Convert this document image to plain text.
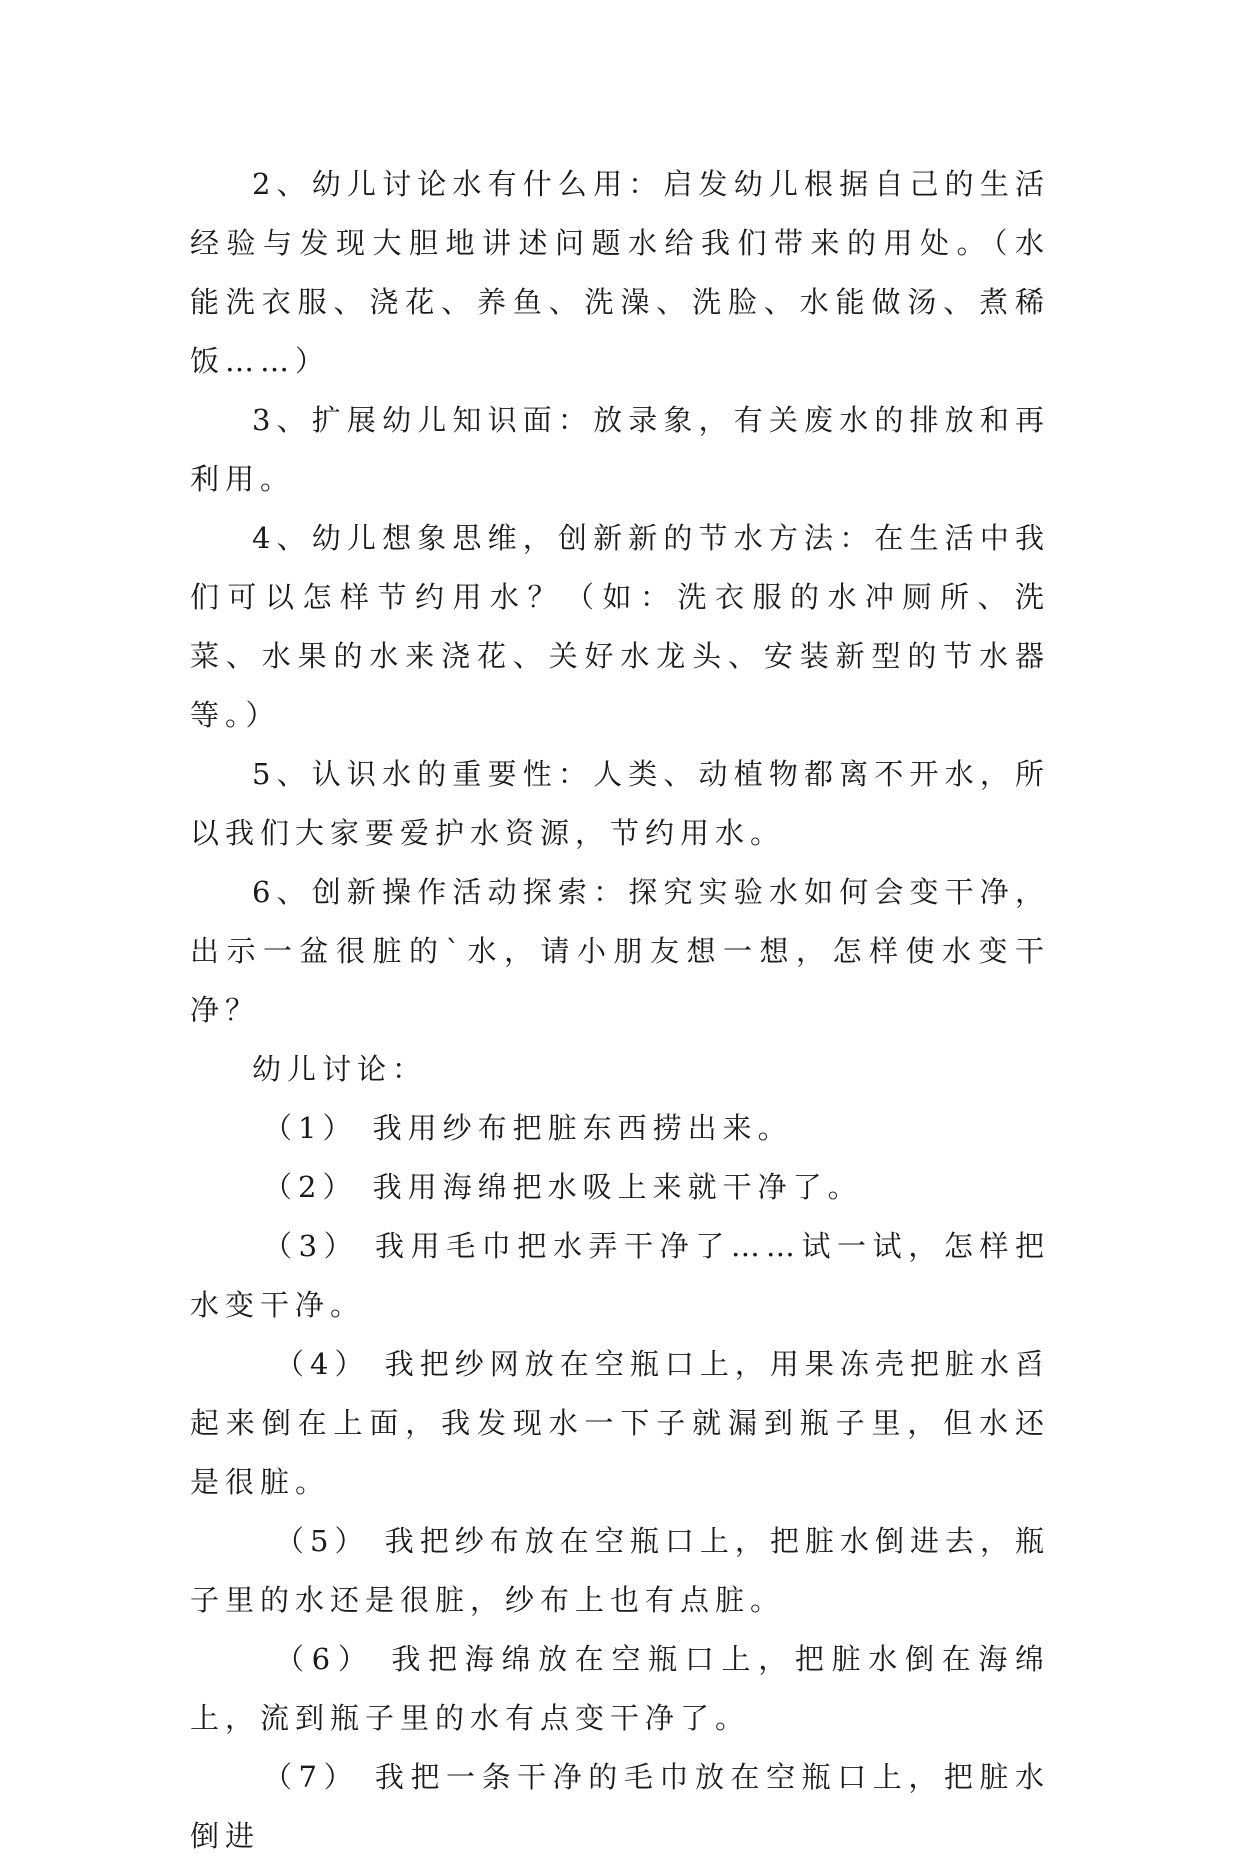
2、幼儿讨论水有什么用：启发幼儿根据自己的生活经验与发现大胆地讲述问题水给我们带来的用处。（水能洗衣服、浇花、养鱼、洗澡、洗脸、水能做汤、煮稀饭……）

3、扩展幼儿知识面：放录象，有关废水的排放和再利用。

4、幼儿想象思维，创新新的节水方法：在生活中我们可以怎样节约用水？（如：洗衣服的水冲厕所、洗菜、水果的水来浇花、关好水龙头、安装新型的节水器等。）

5、认识水的重要性：人类、动植物都离不开水，所以我们大家要爱护水资源，节约用水。

6、创新操作活动探索：探究实验水如何会变干净，出示一盆很脏的`水，请小朋友想一想，怎样使水变干净？

幼儿讨论：

（1） 我用纱布把脏东西捞出来。

（2） 我用海绵把水吸上来就干净了。

（3） 我用毛巾把水弄干净了……试一试，怎样把水变干净。

（4） 我把纱网放在空瓶口上，用果冻壳把脏水舀起来倒在上面，我发现水一下子就漏到瓶子里，但水还是很脏。

（5） 我把纱布放在空瓶口上，把脏水倒进去，瓶子里的水还是很脏，纱布上也有点脏。

（6） 我把海绵放在空瓶口上，把脏水倒在海绵上，流到瓶子里的水有点变干净了。

（7） 我把一条干净的毛巾放在空瓶口上，把脏水倒进
